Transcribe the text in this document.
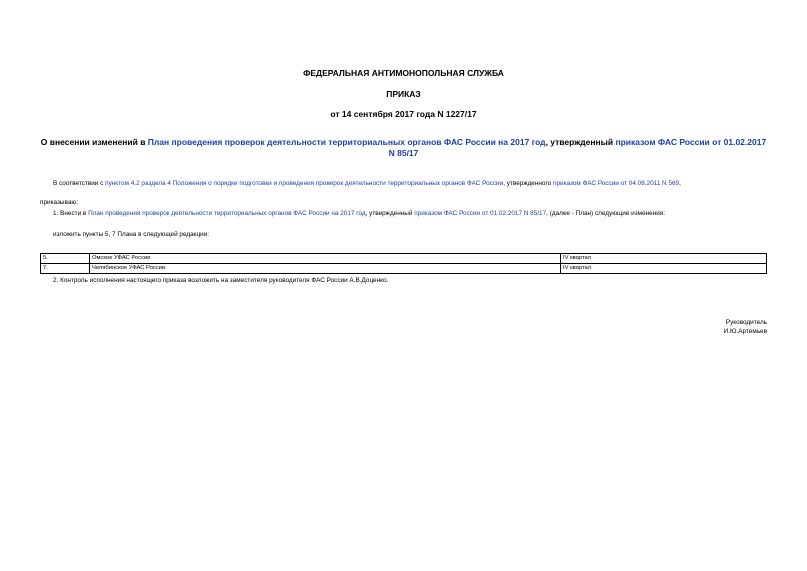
ФЕДЕРАЛЬНАЯ АНТИМОНОПОЛЬНАЯ СЛУЖБА
ПРИКАЗ
от 14 сентября 2017 года N 1227/17
О внесении изменений в План проведения проверок деятельности территориальных органов ФАС России на 2017 год, утвержденный приказом ФАС России от 01.02.2017 N 85/17
В соответствии с пунктом 4.2 раздела 4 Положения о порядке подготовки и проведения проверок деятельности территориальных органов ФАС России, утвержденного приказом ФАС России от 04.08.2011 N 569,
приказываю:
1. Внести в План проведения проверок деятельности территориальных органов ФАС России на 2017 год, утвержденный приказом ФАС России от 01.02.2017 N 85/17, (далее - План) следующие изменения:
изложить пункты 5, 7 Плана в следующей редакции:
5.	Омское УФАС России	IV квартал
7.	Челябинское УФАС России	IV квартал
2. Контроль исполнения настоящего приказа возложить на заместителя руководителя ФАС России А.В.Доценко.
Руководитель
И.Ю.Артемьев
